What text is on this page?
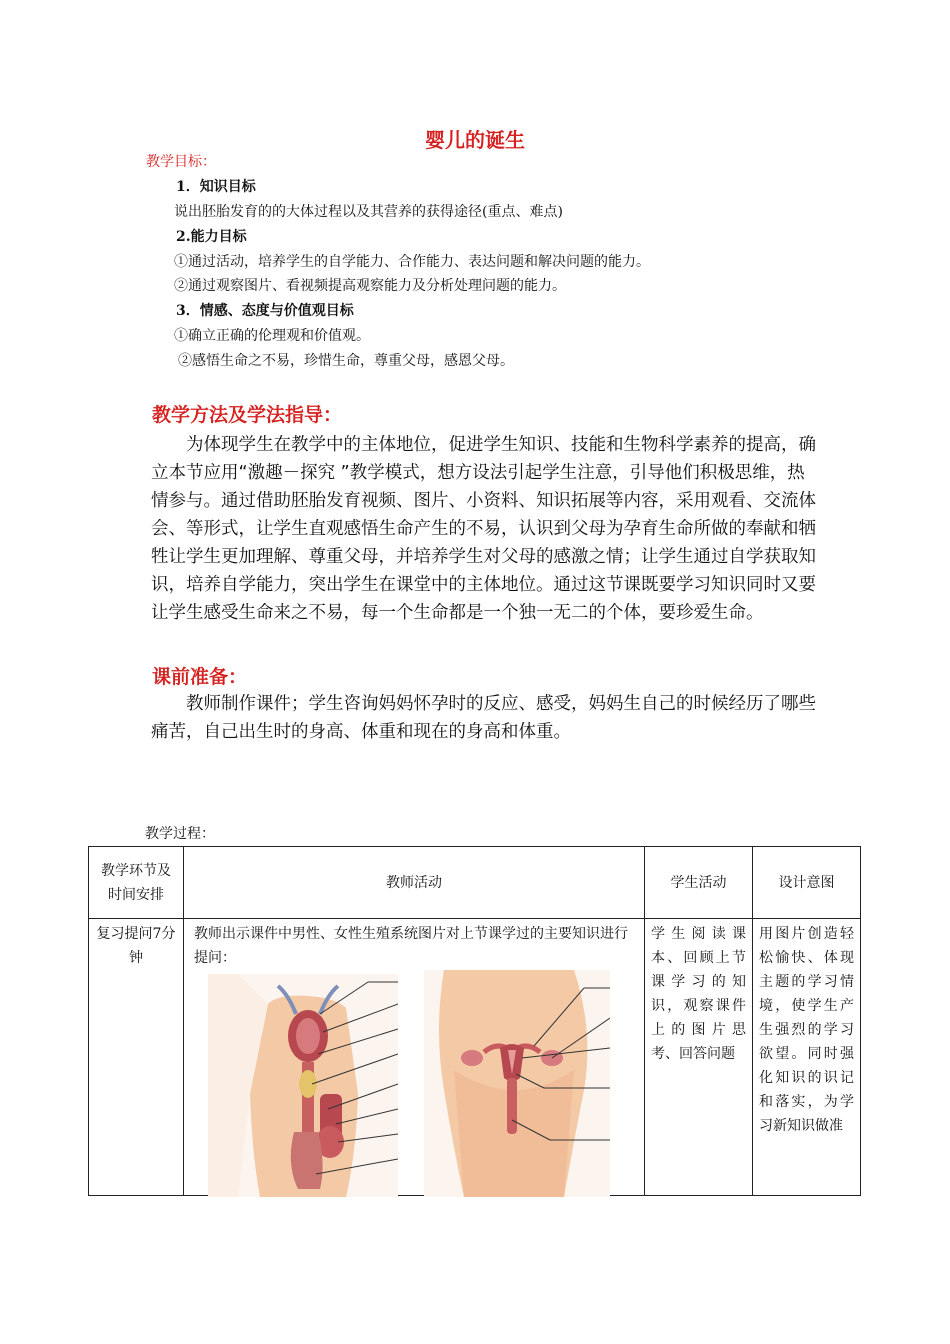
婴儿的诞生
教学目标：
1．知识目标
说出胚胎发育的的大体过程以及其营养的获得途径(重点、难点)
2.能力目标
①通过活动，培养学生的自学能力、合作能力、表达问题和解决问题的能力。
②通过观察图片、看视频提高观察能力及分析处理问题的能力。
3．情感、态度与价值观目标
①确立正确的伦理观和价值观。
②感悟生命之不易，珍惜生命，尊重父母，感恩父母。
教学方法及学法指导：

为体现学生在教学中的主体地位，促进学生知识、技能和生物科学素养的提高，确立本节应用“激趣－探究 ”教学模式，想方设法引起学生注意，引导他们积极思维，热情参与。通过借助胚胎发育视频、图片、小资料、知识拓展等内容，采用观看、交流体会、等形式，让学生直观感悟生命产生的不易，认识到父母为孕育生命所做的奉献和牺牲让学生更加理解、尊重父母，并培养学生对父母的感激之情；让学生通过自学获取知识，培养自学能力，突出学生在课堂中的主体地位。通过这节课既要学习知识同时又要让学生感受生命来之不易，每一个生命都是一个独一无二的个体，要珍爱生命。

课前准备：

教师制作课件；学生咨询妈妈怀孕时的反应、感受，妈妈生自己的时候经历了哪些痛苦，自己出生时的身高、体重和现在的身高和体重。

教学过程：
教学环节及时间安排	教师活动	学生活动	设计意图
复习提问7分钟	教师出示课件中男性、女性生殖系统图片对上节课学过的主要知识进行提问：	学生阅读课本、回顾上节课学习的知识，观察课件上的图片思考、回答问题	用图片创造轻松愉快、体现主题的学习情境，使学生产生强烈的学习欲望。同时强化知识的识记和落实，为学习新知识做准
